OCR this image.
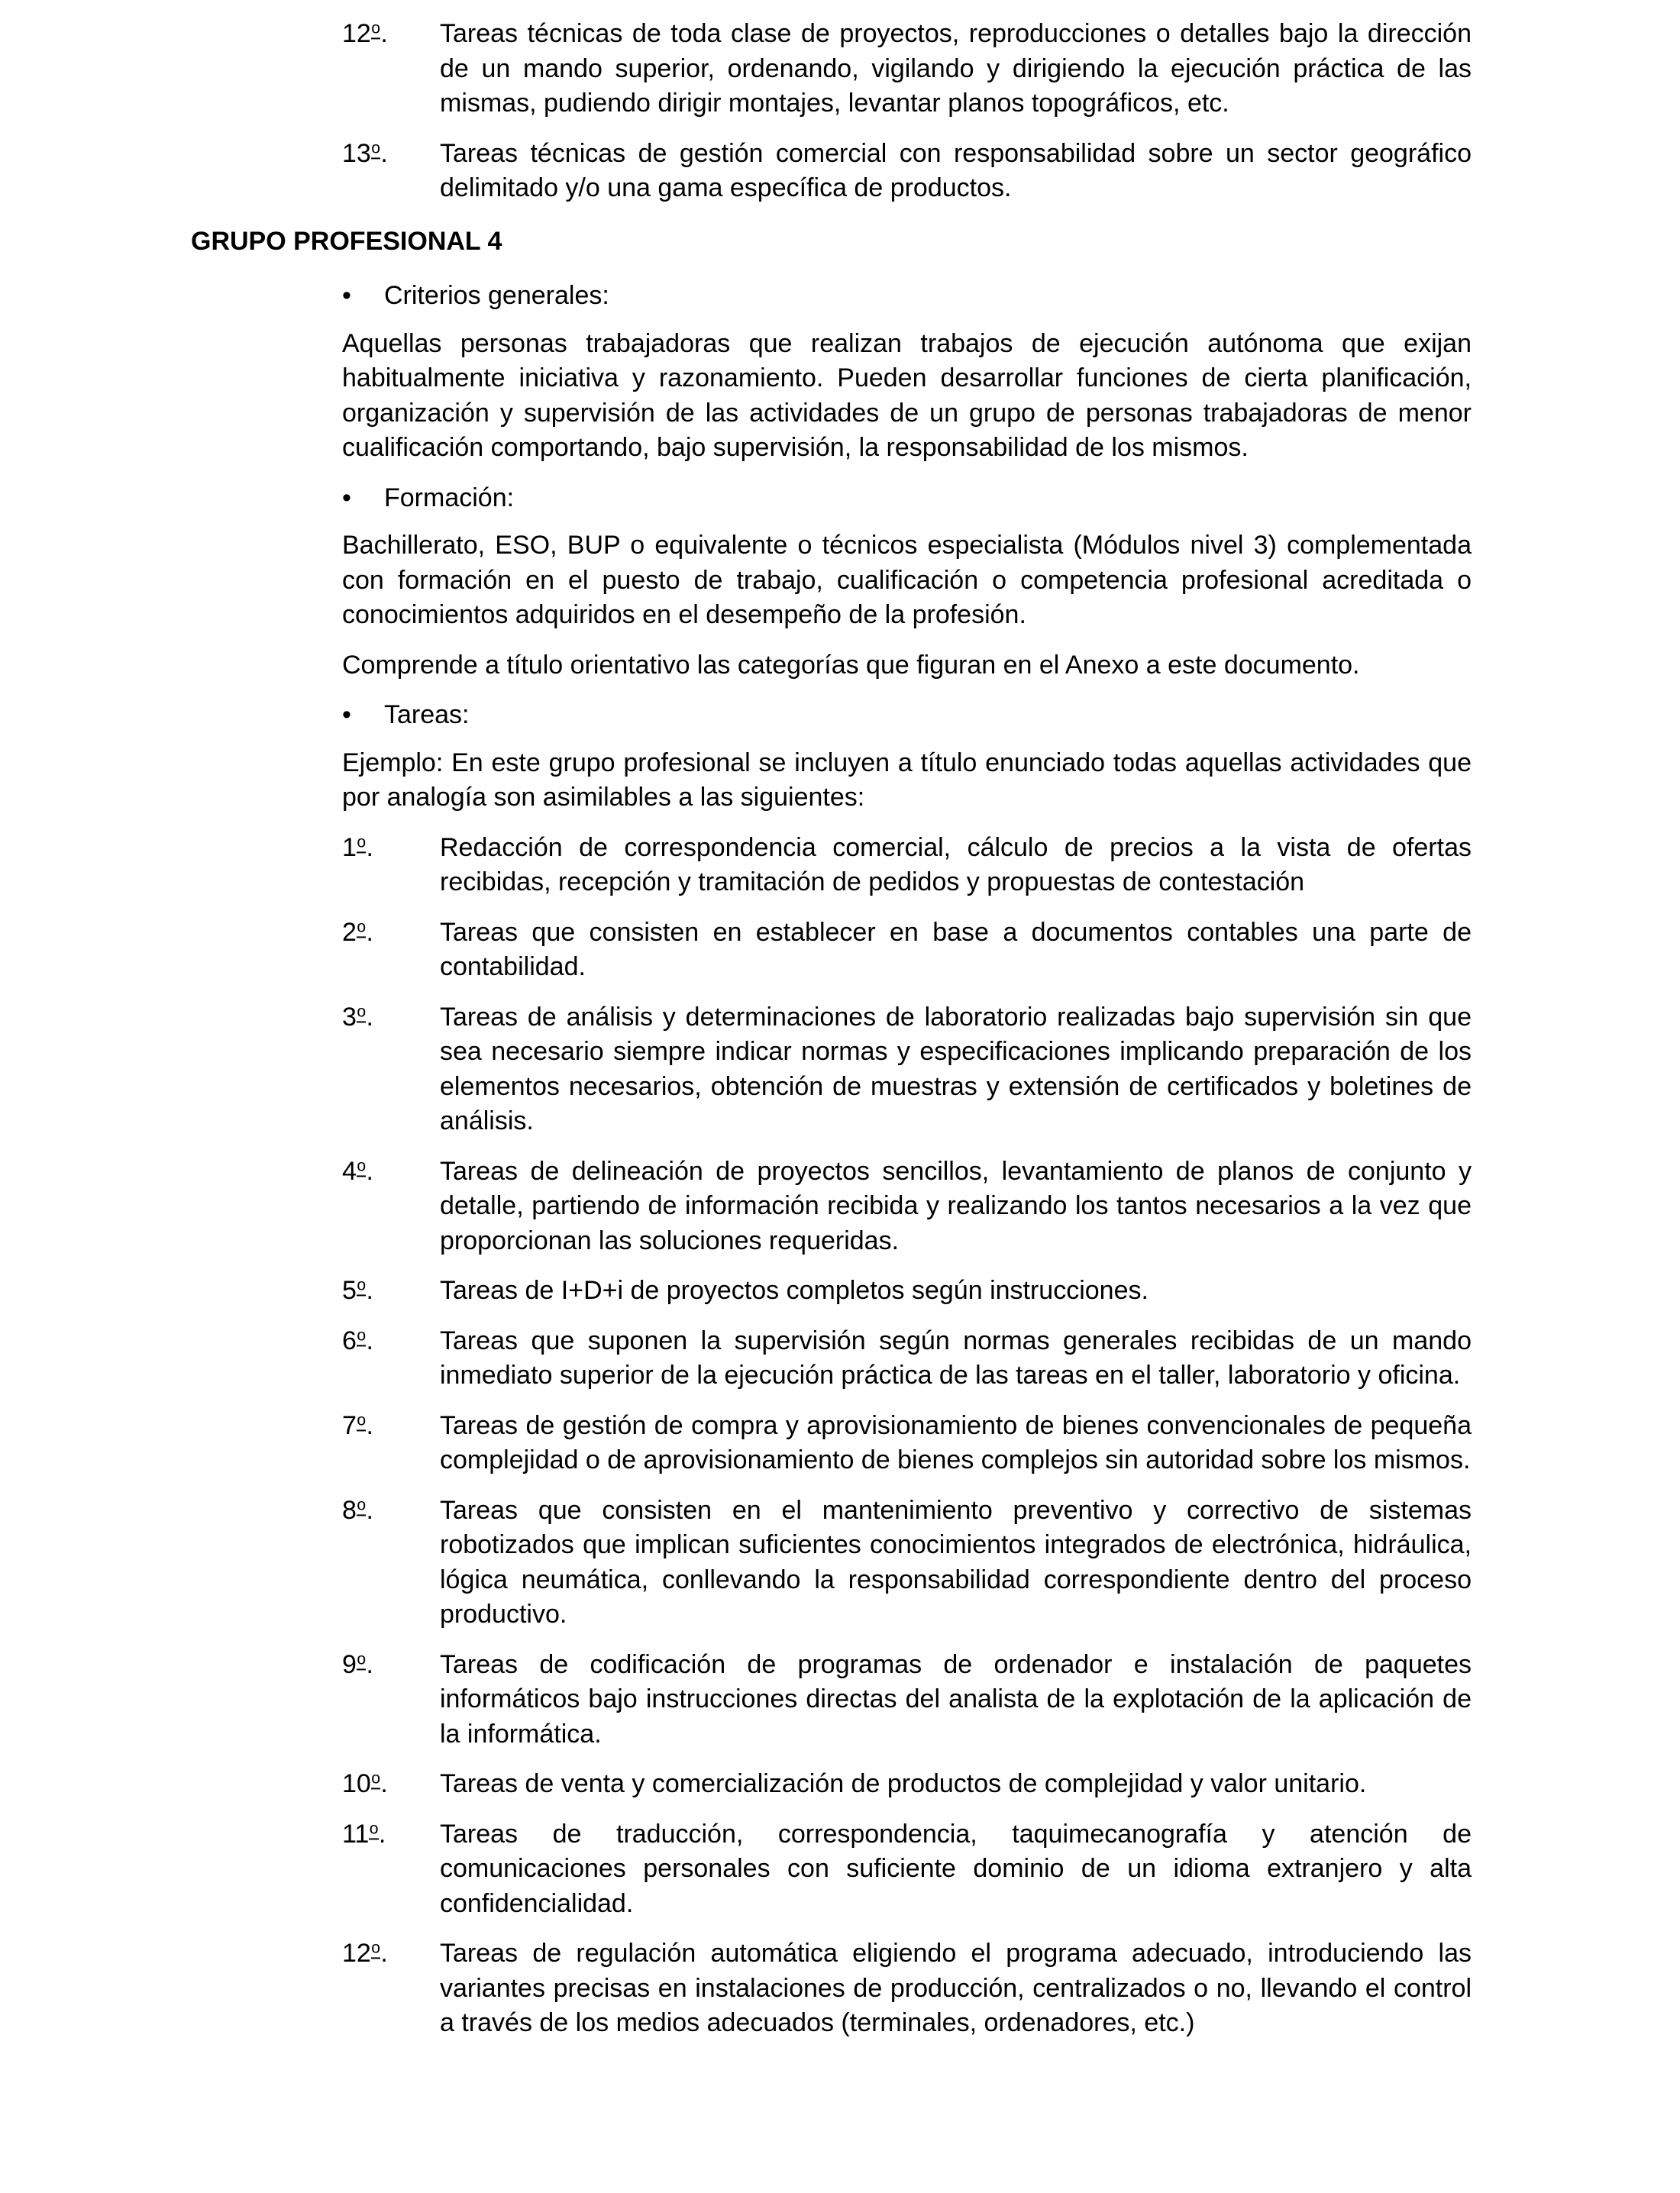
12o.	Tareas técnicas de toda clase de proyectos, reproducciones o detalles bajo la dirección de un mando superior, ordenando, vigilando y dirigiendo la ejecución práctica de las mismas, pudiendo dirigir montajes, levantar planos topográficos, etc.
13o.	Tareas técnicas de gestión comercial con responsabilidad sobre un sector geográfico delimitado y/o una gama específica de productos.
GRUPO PROFESIONAL 4
•	Criterios generales:

Aquellas personas trabajadoras que realizan trabajos de ejecución autónoma que exijan habitualmente iniciativa y razonamiento. Pueden desarrollar funciones de cierta planificación, organización y supervisión de las actividades de un grupo de personas trabajadoras de menor cualificación comportando, bajo supervisión, la responsabilidad de los mismos.

•	Formación:

Bachillerato, ESO, BUP o equivalente o técnicos especialista (Módulos nivel 3) complementada con formación en el puesto de trabajo, cualificación o competencia profesional acreditada o conocimientos adquiridos en el desempeño de la profesión.

Comprende a título orientativo las categorías que figuran en el Anexo a este documento.

•	Tareas:

Ejemplo: En este grupo profesional se incluyen a título enunciado todas aquellas actividades que por analogía son asimilables a las siguientes:

1o.	Redacción de correspondencia comercial, cálculo de precios a la vista de ofertas recibidas, recepción y tramitación de pedidos y propuestas de contestación
2o.	Tareas que consisten en establecer en base a documentos contables una parte de contabilidad.
3o.	Tareas de análisis y determinaciones de laboratorio realizadas bajo supervisión sin que sea necesario siempre indicar normas y especificaciones implicando preparación de los elementos necesarios, obtención de muestras y extensión de certificados y boletines de análisis.
4o.	Tareas de delineación de proyectos sencillos, levantamiento de planos de conjunto y detalle, partiendo de información recibida y realizando los tantos necesarios a la vez que proporcionan las soluciones requeridas.
5o.	Tareas de I+D+i de proyectos completos según instrucciones.
6o.	Tareas que suponen la supervisión según normas generales recibidas de un mando inmediato superior de la ejecución práctica de las tareas en el taller, laboratorio y oficina.
7o.	Tareas de gestión de compra y aprovisionamiento de bienes convencionales de pequeña complejidad o de aprovisionamiento de bienes complejos sin autoridad sobre los mismos.
8o.	Tareas que consisten en el mantenimiento preventivo y correctivo de sistemas robotizados que implican suficientes conocimientos integrados de electrónica, hidráulica, lógica neumática, conllevando la responsabilidad correspondiente dentro del proceso productivo.
9o.	Tareas de codificación de programas de ordenador e instalación de paquetes informáticos bajo instrucciones directas del analista de la explotación de la aplicación de la informática.
10o.	Tareas de venta y comercialización de productos de complejidad y valor unitario.
11o.	Tareas de traducción, correspondencia, taquimecanografía y atención de comunicaciones personales con suficiente dominio de un idioma extranjero y alta confidencialidad.
12o.	Tareas de regulación automática eligiendo el programa adecuado, introduciendo las variantes precisas en instalaciones de producción, centralizados o no, llevando el control a través de los medios adecuados (terminales, ordenadores, etc.)
